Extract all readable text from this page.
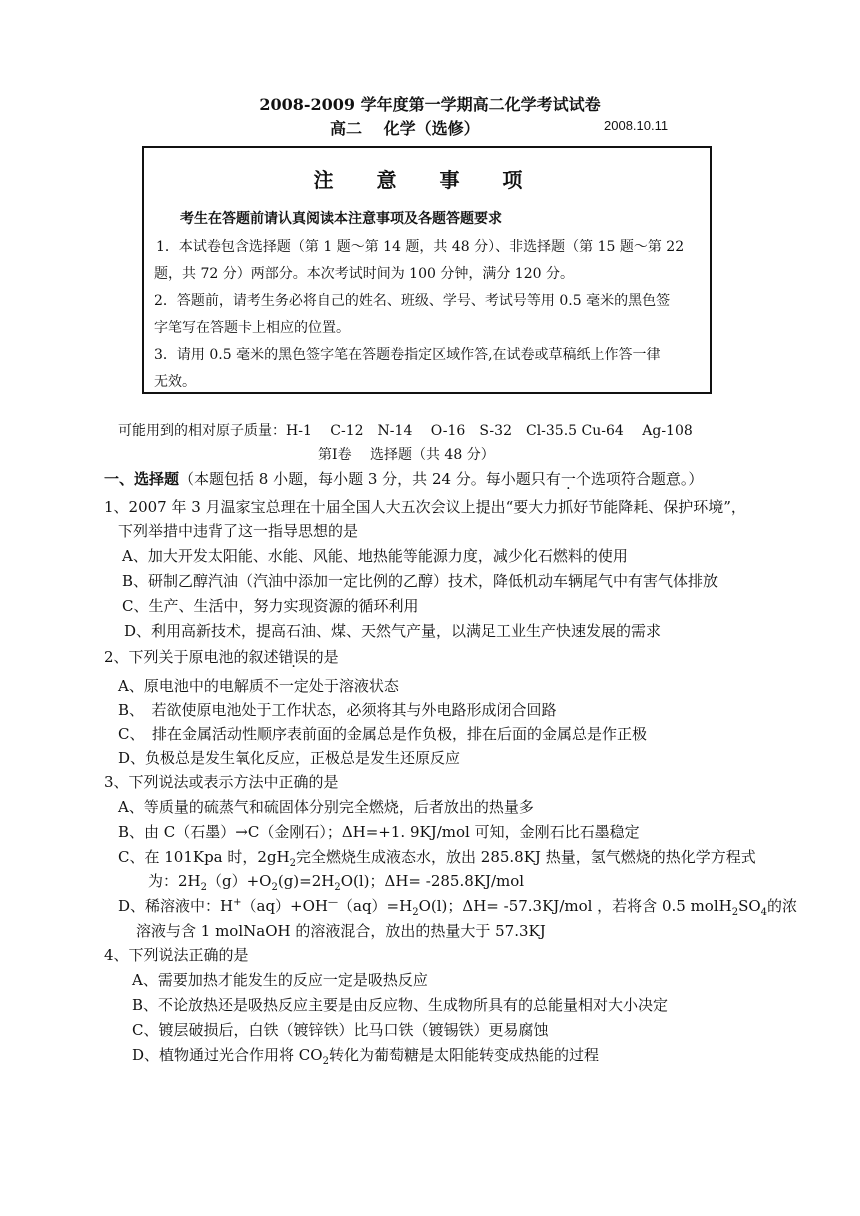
2008-2009 学年度第一学期高二化学考试试卷
高二　 化学（选修）	2008.10.11
注 意 事 项
考生在答题前请认真阅读本注意事项及各题答题要求
1．本试卷包含选择题（第 1 题～第 14 题，共 48 分）、非选择题（第 15 题～第 22
题，共 72 分）两部分。本次考试时间为 100 分钟，满分 120 分。
2．答题前，请考生务必将自己的姓名、班级、学号、考试号等用 0.5 毫米的黑色签
字笔写在答题卡上相应的位置。
3．请用 0.5 毫米的黑色签字笔在答题卷指定区域作答,在试卷或草稿纸上作答一律
无效。
可能用到的相对原子质量：H-1　 C-12　N-14　 O-16　S-32　Cl-35.5 Cu-64　 Ag-108
第Ⅰ卷　 选择题（共 48 分）
一、选择题（本题包括 8 小题，每小题 3 分，共 24 分。每小题只有一个选项符合题意。）
1、2007 年 3 月温家宝总理在十届全国人大五次会议上提出“要大力抓好节能降耗、保护环境”，
下列举措中违背了这一指导思想的是
A、加大开发太阳能、水能、风能、地热能等能源力度，减少化石燃料的使用
B、研制乙醇汽油（汽油中添加一定比例的乙醇）技术，降低机动车辆尾气中有害气体排放
C、生产、生活中，努力实现资源的循环利用
D、利用高新技术，提高石油、煤、天然气产量，以满足工业生产快速发展的需求
2、下列关于原电池的叙述错误的是
A、原电池中的电解质不一定处于溶液状态
B、　若欲使原电池处于工作状态，必须将其与外电路形成闭合回路
C、　排在金属活动性顺序表前面的金属总是作负极，排在后面的金属总是作正极
D、负极总是发生氧化反应，正极总是发生还原反应
3、下列说法或表示方法中正确的是
A、等质量的硫蒸气和硫固体分别完全燃烧，后者放出的热量多
B、由 C（石墨）→C（金刚石）；ΔH=+1. 9KJ/mol 可知，金刚石比石墨稳定
C、在 101Kpa 时，$2gH_2$完全燃烧生成液态水，放出 285.8KJ 热量，氢气燃烧的热化学方程式
为：$2H_2(g)+O_2(g)=2H_2O(l)$；ΔH= -285.8KJ/mol
D、稀溶液中：$H^+(aq)+OH^—(aq)=H_2O(l)$；ΔH= -57.3KJ/mol ，若将含 0.5 $molH_2SO_4$的浓
溶液与含 1 molNaOH 的溶液混合，放出的热量大于 57.3KJ
4、下列说法正确的是
A、需要加热才能发生的反应一定是吸热反应
B、不论放热还是吸热反应主要是由反应物、生成物所具有的总能量相对大小决定
C、镀层破损后，白铁（镀锌铁）比马口铁（镀锡铁）更易腐蚀
D、植物通过光合作用将 $CO_2$转化为葡萄糖是太阳能转变成热能的过程
